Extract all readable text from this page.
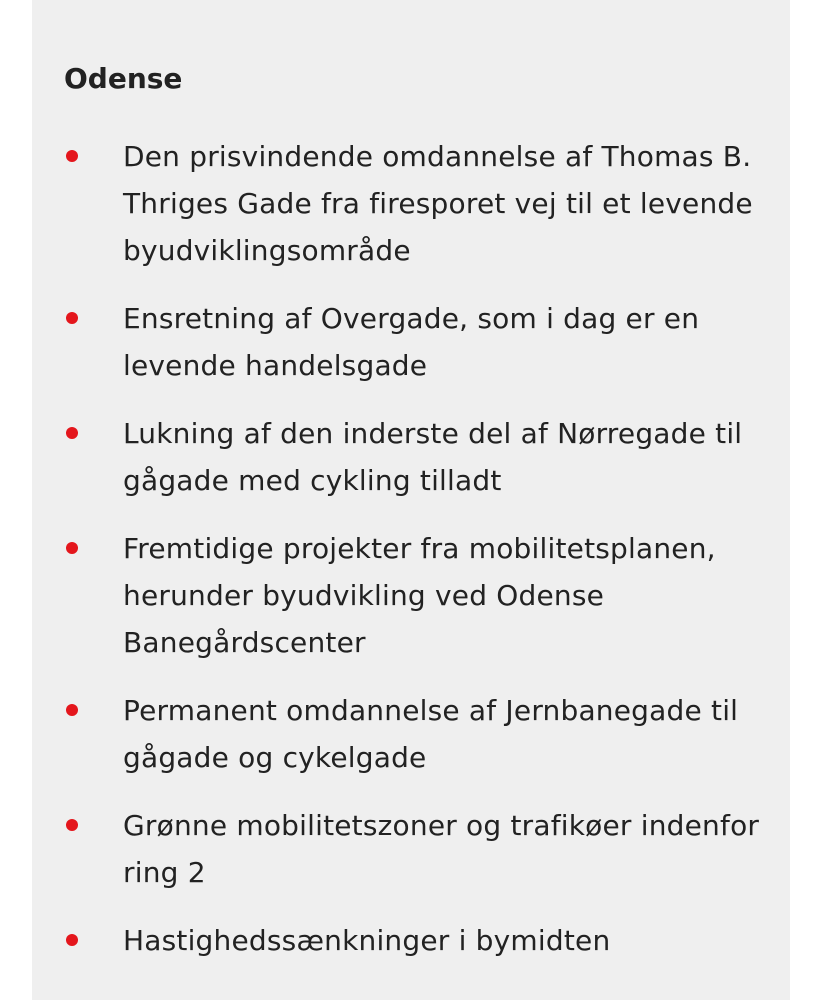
Odense
Den prisvindende omdannelse af Thomas B. Thriges Gade fra firesporet vej til et levende byudviklingsområde
Ensretning af Overgade, som i dag er en levende handelsgade
Lukning af den inderste del af Nørregade til gågade med cykling tilladt
Fremtidige projekter fra mobilitetsplanen, herunder byudvikling ved Odense Banegårdscenter
Permanent omdannelse af Jernbanegade til gågade og cykelgade
Grønne mobilitetszoner og trafikøer indenfor ring 2
Hastighedssænkninger i bymidten
